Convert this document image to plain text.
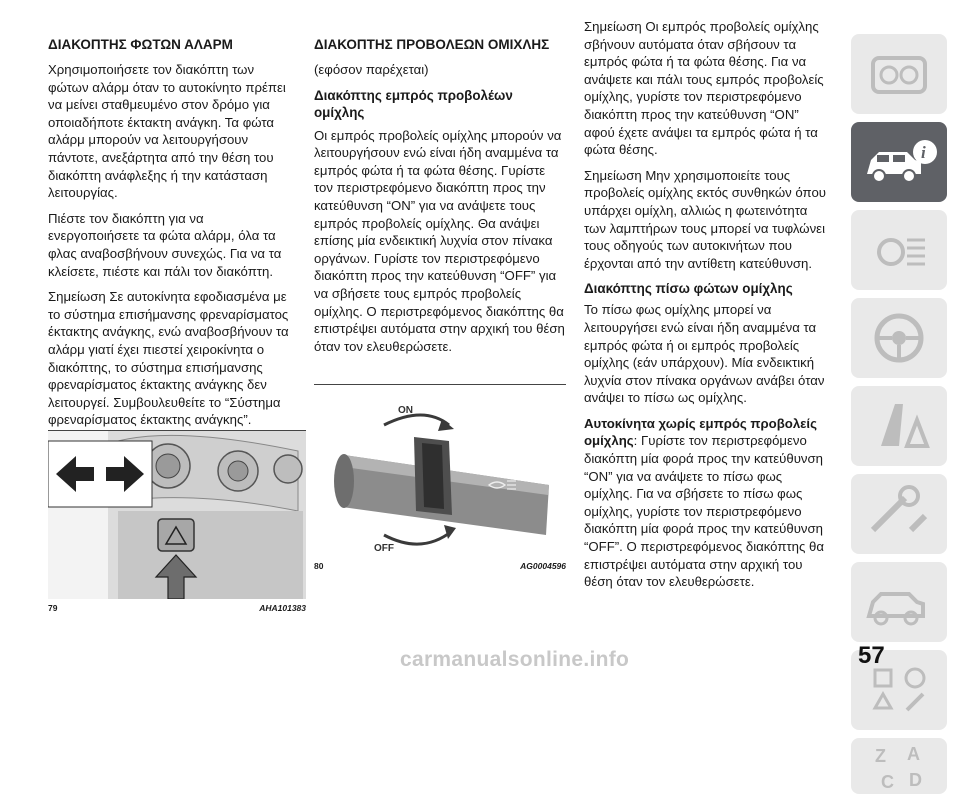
ΔΙΑΚΟΠΤΗΣ ΦΩΤΩΝ ΑΛΑΡΜ

Χρησιμοποιήσετε τον διακόπτη των φώτων αλάρμ όταν το αυτοκίνητο πρέπει να μείνει σταθμευμένο στον δρόμο για οποιαδήποτε έκτακτη ανάγκη. Τα φώτα αλάρμ μπορούν να λειτουργήσουν πάντοτε, ανεξάρτητα από την θέση του διακόπτη ανάφλεξης ή την κατάσταση λειτουργίας.

Πιέστε τον διακόπτη για να ενεργοποιήσετε τα φώτα αλάρμ, όλα τα φλας αναβοσβήνουν συνεχώς. Για να τα κλείσετε, πιέστε και πάλι τον διακόπτη.

Σημείωση Σε αυτοκίνητα εφοδιασμένα με το σύστημα επισήμανσης φρεναρίσματος έκτακτης ανάγκης, ενώ αναβοσβήνουν τα αλάρμ γιατί έχει πιεστεί χειροκίνητα ο διακόπτης, το σύστημα επισήμανσης φρεναρίσματος έκτακτης ανάγκης δεν λειτουργεί. Συμβουλευθείτε το “Σύστημα φρεναρίσματος έκτακτης ανάγκης”.

79	AHA101383
ΔΙΑΚΟΠΤΗΣ ΠΡΟΒΟΛΕΩΝ ΟΜΙΧΛΗΣ

(εφόσον παρέχεται)

Διακόπτης εμπρός προβολέων ομίχλης

Οι εμπρός προβολείς ομίχλης μπορούν να λειτουργήσουν ενώ είναι ήδη αναμμένα τα εμπρός φώτα ή τα φώτα θέσης. Γυρίστε τον περιστρεφόμενο διακόπτη προς την κατεύθυνση “ON” για να ανάψετε τους εμπρός προβολείς ομίχλης. Θα ανάψει επίσης μία ενδεικτική λυχνία στον πίνακα οργάνων. Γυρίστε τον περιστρεφόμενο διακόπτη προς την κατεύθυνση “OFF” για να σβήσετε τους εμπρός προβολείς ομίχλης. Ο περιστρεφόμενος διακόπτης θα επιστρέψει αυτόματα στην αρχική του θέση όταν τον ελευθερώσετε.

ON
OFF
80	AG0004596

Σημείωση Οι εμπρός προβολείς ομίχλης σβήνουν αυτόματα όταν σβήσουν τα εμπρός φώτα ή τα φώτα θέσης. Για να ανάψετε και πάλι τους εμπρός προβολείς ομίχλης, γυρίστε τον περιστρεφόμενο διακόπτη προς την κατεύθυνση “ON” αφού έχετε ανάψει τα εμπρός φώτα ή τα φώτα θέσης.

Σημείωση Μην χρησιμοποιείτε τους προβολείς ομίχλης εκτός συνθηκών όπου υπάρχει ομίχλη, αλλιώς η φωτεινότητα των λαμπτήρων τους μπορεί να τυφλώνει τους οδηγούς των αυτοκινήτων που έρχονται από την αντίθετη κατεύθυνση.

Διακόπτης πίσω φώτων ομίχλης

Το πίσω φως ομίχλης μπορεί να λειτουργήσει ενώ είναι ήδη αναμμένα τα εμπρός φώτα ή οι εμπρός προβολείς ομίχλης (εάν υπάρχουν). Μία ενδεικτική λυχνία στον πίνακα οργάνων ανάβει όταν ανάψει το πίσω ως ομίχλης.

Αυτοκίνητα χωρίς εμπρός προβολείς ομίχλης: Γυρίστε τον περιστρεφόμενο διακόπτη μία φορά προς την κατεύθυνση “ON” για να ανάψετε το πίσω φως ομίχλης. Για να σβήσετε το πίσω φως ομίχλης, γυρίστε τον περιστρεφόμενο διακόπτη μία φορά προς την κατεύθυνση “OFF”. Ο περιστρεφόμενος διακόπτης θα επιστρέψει αυτόματα στην αρχική του θέση όταν τον ελευθερώσετε.

i
Z A
C D
57
carmanualsonline.info
